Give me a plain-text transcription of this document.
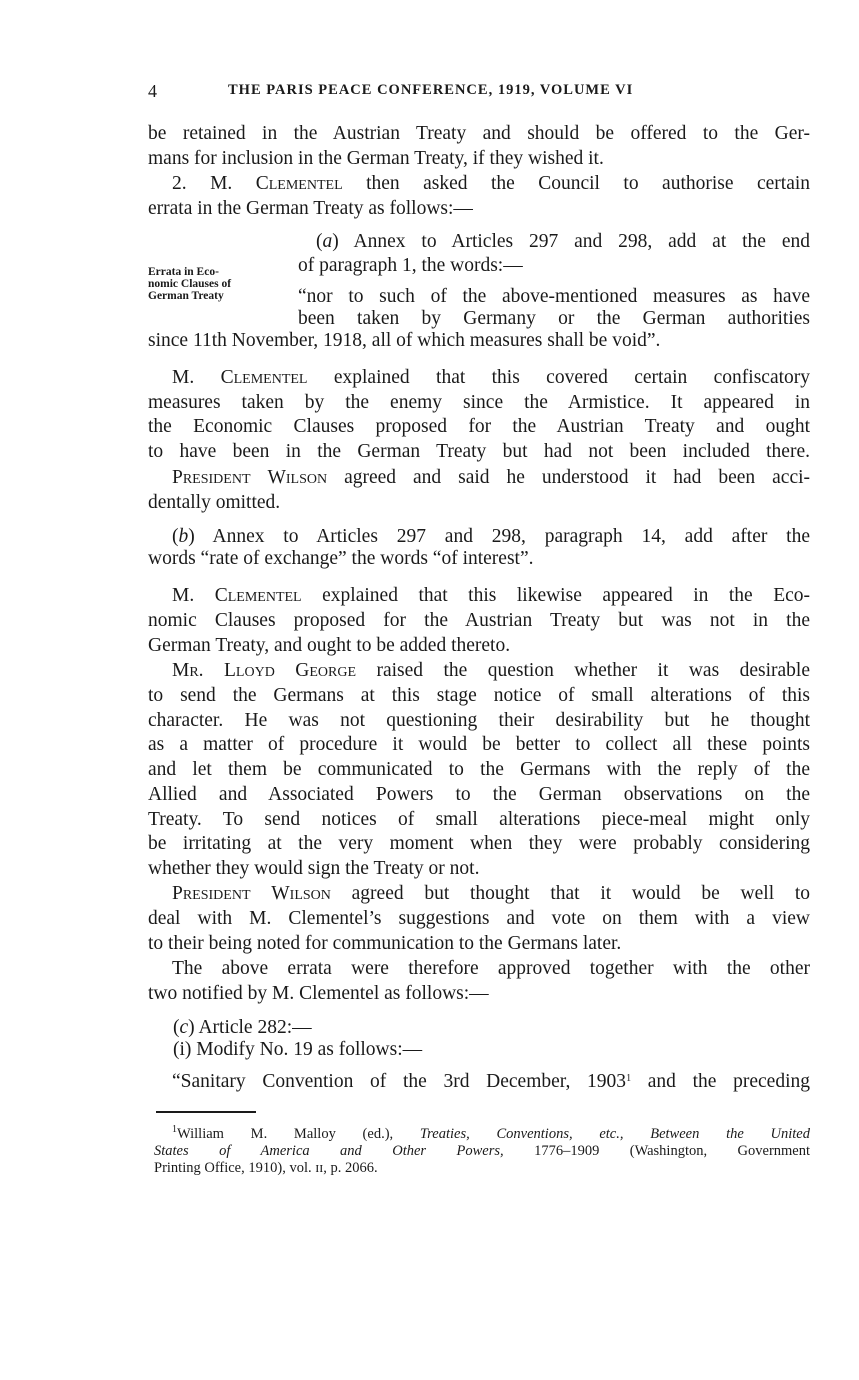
4	THE PARIS PEACE CONFERENCE, 1919, VOLUME VI
be retained in the Austrian Treaty and should be offered to the Ger-
mans for inclusion in the German Treaty, if they wished it.
2. M. Clementel then asked the Council to authorise certain
errata in the German Treaty as follows:—
Errata in Eco-
nomic Clauses of
German Treaty
(a) Annex to Articles 297 and 298, add at the end
of paragraph 1, the words:—
“nor to such of the above-mentioned measures as have
been taken by Germany or the German authorities
since 11th November, 1918, all of which measures shall be void”.
M. Clementel explained that this covered certain confiscatory
measures taken by the enemy since the Armistice. It appeared in
the Economic Clauses proposed for the Austrian Treaty and ought
to have been in the German Treaty but had not been included there.
President Wilson agreed and said he understood it had been acci-
dentally omitted.
(b) Annex to Articles 297 and 298, paragraph 14, add after the
words “rate of exchange” the words “of interest”.
M. Clementel explained that this likewise appeared in the Eco-
nomic Clauses proposed for the Austrian Treaty but was not in the
German Treaty, and ought to be added thereto.
Mr. Lloyd George raised the question whether it was desirable
to send the Germans at this stage notice of small alterations of this
character. He was not questioning their desirability but he thought
as a matter of procedure it would be better to collect all these points
and let them be communicated to the Germans with the reply of the
Allied and Associated Powers to the German observations on the
Treaty. To send notices of small alterations piece-meal might only
be irritating at the very moment when they were probably considering
whether they would sign the Treaty or not.
President Wilson agreed but thought that it would be well to
deal with M. Clementel’s suggestions and vote on them with a view
to their being noted for communication to the Germans later.
The above errata were therefore approved together with the other
two notified by M. Clementel as follows:—
(c) Article 282:—
(i) Modify No. 19 as follows:—
“Sanitary Convention of the 3rd December, 1903$^1$ and the preceding
$^1$William M. Malloy (ed.), Treaties, Conventions, etc., Between the United
States of America and Other Powers, 1776–1909 (Washington, Government
Printing Office, 1910), vol. ɪɪ, p. 2066.
